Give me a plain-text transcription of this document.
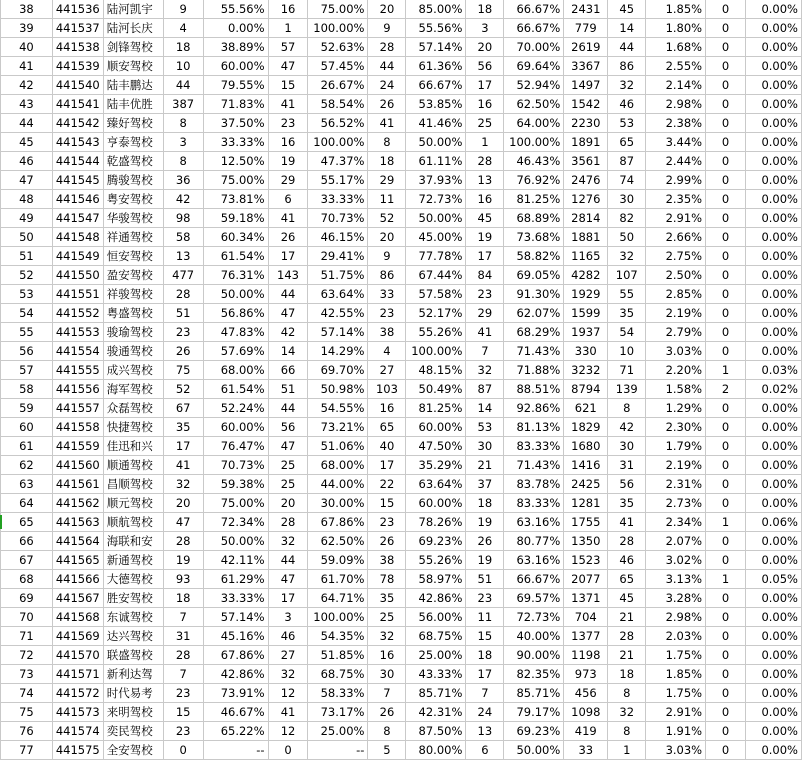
38	441536	陆河凯宇	9	55.56%	16	75.00%	20	85.00%	18	66.67%	2431	45	1.85%	0	0.00%
39	441537	陆河长庆	4	0.00%	1	100.00%	9	55.56%	3	66.67%	779	14	1.80%	0	0.00%
40	441538	剑锋驾校	18	38.89%	57	52.63%	28	57.14%	20	70.00%	2619	44	1.68%	0	0.00%
41	441539	顺安驾校	10	60.00%	47	57.45%	44	61.36%	56	69.64%	3367	86	2.55%	0	0.00%
42	441540	陆丰鹏达	44	79.55%	15	26.67%	24	66.67%	17	52.94%	1497	32	2.14%	0	0.00%
43	441541	陆丰优胜	387	71.83%	41	58.54%	26	53.85%	16	62.50%	1542	46	2.98%	0	0.00%
44	441542	臻好驾校	8	37.50%	23	56.52%	41	41.46%	25	64.00%	2230	53	2.38%	0	0.00%
45	441543	亨泰驾校	3	33.33%	16	100.00%	8	50.00%	1	100.00%	1891	65	3.44%	0	0.00%
46	441544	乾盛驾校	8	12.50%	19	47.37%	18	61.11%	28	46.43%	3561	87	2.44%	0	0.00%
47	441545	腾骏驾校	36	75.00%	29	55.17%	29	37.93%	13	76.92%	2476	74	2.99%	0	0.00%
48	441546	粤安驾校	42	73.81%	6	33.33%	11	72.73%	16	81.25%	1276	30	2.35%	0	0.00%
49	441547	华骏驾校	98	59.18%	41	70.73%	52	50.00%	45	68.89%	2814	82	2.91%	0	0.00%
50	441548	祥通驾校	58	60.34%	26	46.15%	20	45.00%	19	73.68%	1881	50	2.66%	0	0.00%
51	441549	恒安驾校	13	61.54%	17	29.41%	9	77.78%	17	58.82%	1165	32	2.75%	0	0.00%
52	441550	盈安驾校	477	76.31%	143	51.75%	86	67.44%	84	69.05%	4282	107	2.50%	0	0.00%
53	441551	祥骏驾校	28	50.00%	44	63.64%	33	57.58%	23	91.30%	1929	55	2.85%	0	0.00%
54	441552	粤盛驾校	51	56.86%	47	42.55%	23	52.17%	29	62.07%	1599	35	2.19%	0	0.00%
55	441553	骏瑜驾校	23	47.83%	42	57.14%	38	55.26%	41	68.29%	1937	54	2.79%	0	0.00%
56	441554	骏通驾校	26	57.69%	14	14.29%	4	100.00%	7	71.43%	330	10	3.03%	0	0.00%
57	441555	成兴驾校	75	68.00%	66	69.70%	27	48.15%	32	71.88%	3232	71	2.20%	1	0.03%
58	441556	海军驾校	52	61.54%	51	50.98%	103	50.49%	87	88.51%	8794	139	1.58%	2	0.02%
59	441557	众磊驾校	67	52.24%	44	54.55%	16	81.25%	14	92.86%	621	8	1.29%	0	0.00%
60	441558	快捷驾校	35	60.00%	56	73.21%	65	60.00%	53	81.13%	1829	42	2.30%	0	0.00%
61	441559	佳迅和兴	17	76.47%	47	51.06%	40	47.50%	30	83.33%	1680	30	1.79%	0	0.00%
62	441560	顺通驾校	41	70.73%	25	68.00%	17	35.29%	21	71.43%	1416	31	2.19%	0	0.00%
63	441561	昌顺驾校	32	59.38%	25	44.00%	22	63.64%	37	83.78%	2425	56	2.31%	0	0.00%
64	441562	顺元驾校	20	75.00%	20	30.00%	15	60.00%	18	83.33%	1281	35	2.73%	0	0.00%
65	441563	顺航驾校	47	72.34%	28	67.86%	23	78.26%	19	63.16%	1755	41	2.34%	1	0.06%
66	441564	海联和安	28	50.00%	32	62.50%	26	69.23%	26	80.77%	1350	28	2.07%	0	0.00%
67	441565	新通驾校	19	42.11%	44	59.09%	38	55.26%	19	63.16%	1523	46	3.02%	0	0.00%
68	441566	大德驾校	93	61.29%	47	61.70%	78	58.97%	51	66.67%	2077	65	3.13%	1	0.05%
69	441567	胜安驾校	18	33.33%	17	64.71%	35	42.86%	23	69.57%	1371	45	3.28%	0	0.00%
70	441568	东诚驾校	7	57.14%	3	100.00%	25	56.00%	11	72.73%	704	21	2.98%	0	0.00%
71	441569	达兴驾校	31	45.16%	46	54.35%	32	68.75%	15	40.00%	1377	28	2.03%	0	0.00%
72	441570	联盛驾校	28	67.86%	27	51.85%	16	25.00%	18	90.00%	1198	21	1.75%	0	0.00%
73	441571	新利达驾	7	42.86%	32	68.75%	30	43.33%	17	82.35%	973	18	1.85%	0	0.00%
74	441572	时代易考	23	73.91%	12	58.33%	7	85.71%	7	85.71%	456	8	1.75%	0	0.00%
75	441573	来明驾校	15	46.67%	41	73.17%	26	42.31%	24	79.17%	1098	32	2.91%	0	0.00%
76	441574	奕民驾校	23	65.22%	12	25.00%	8	87.50%	13	69.23%	419	8	1.91%	0	0.00%
77	441575	全安驾校	0	--	0	--	5	80.00%	6	50.00%	33	1	3.03%	0	0.00%
